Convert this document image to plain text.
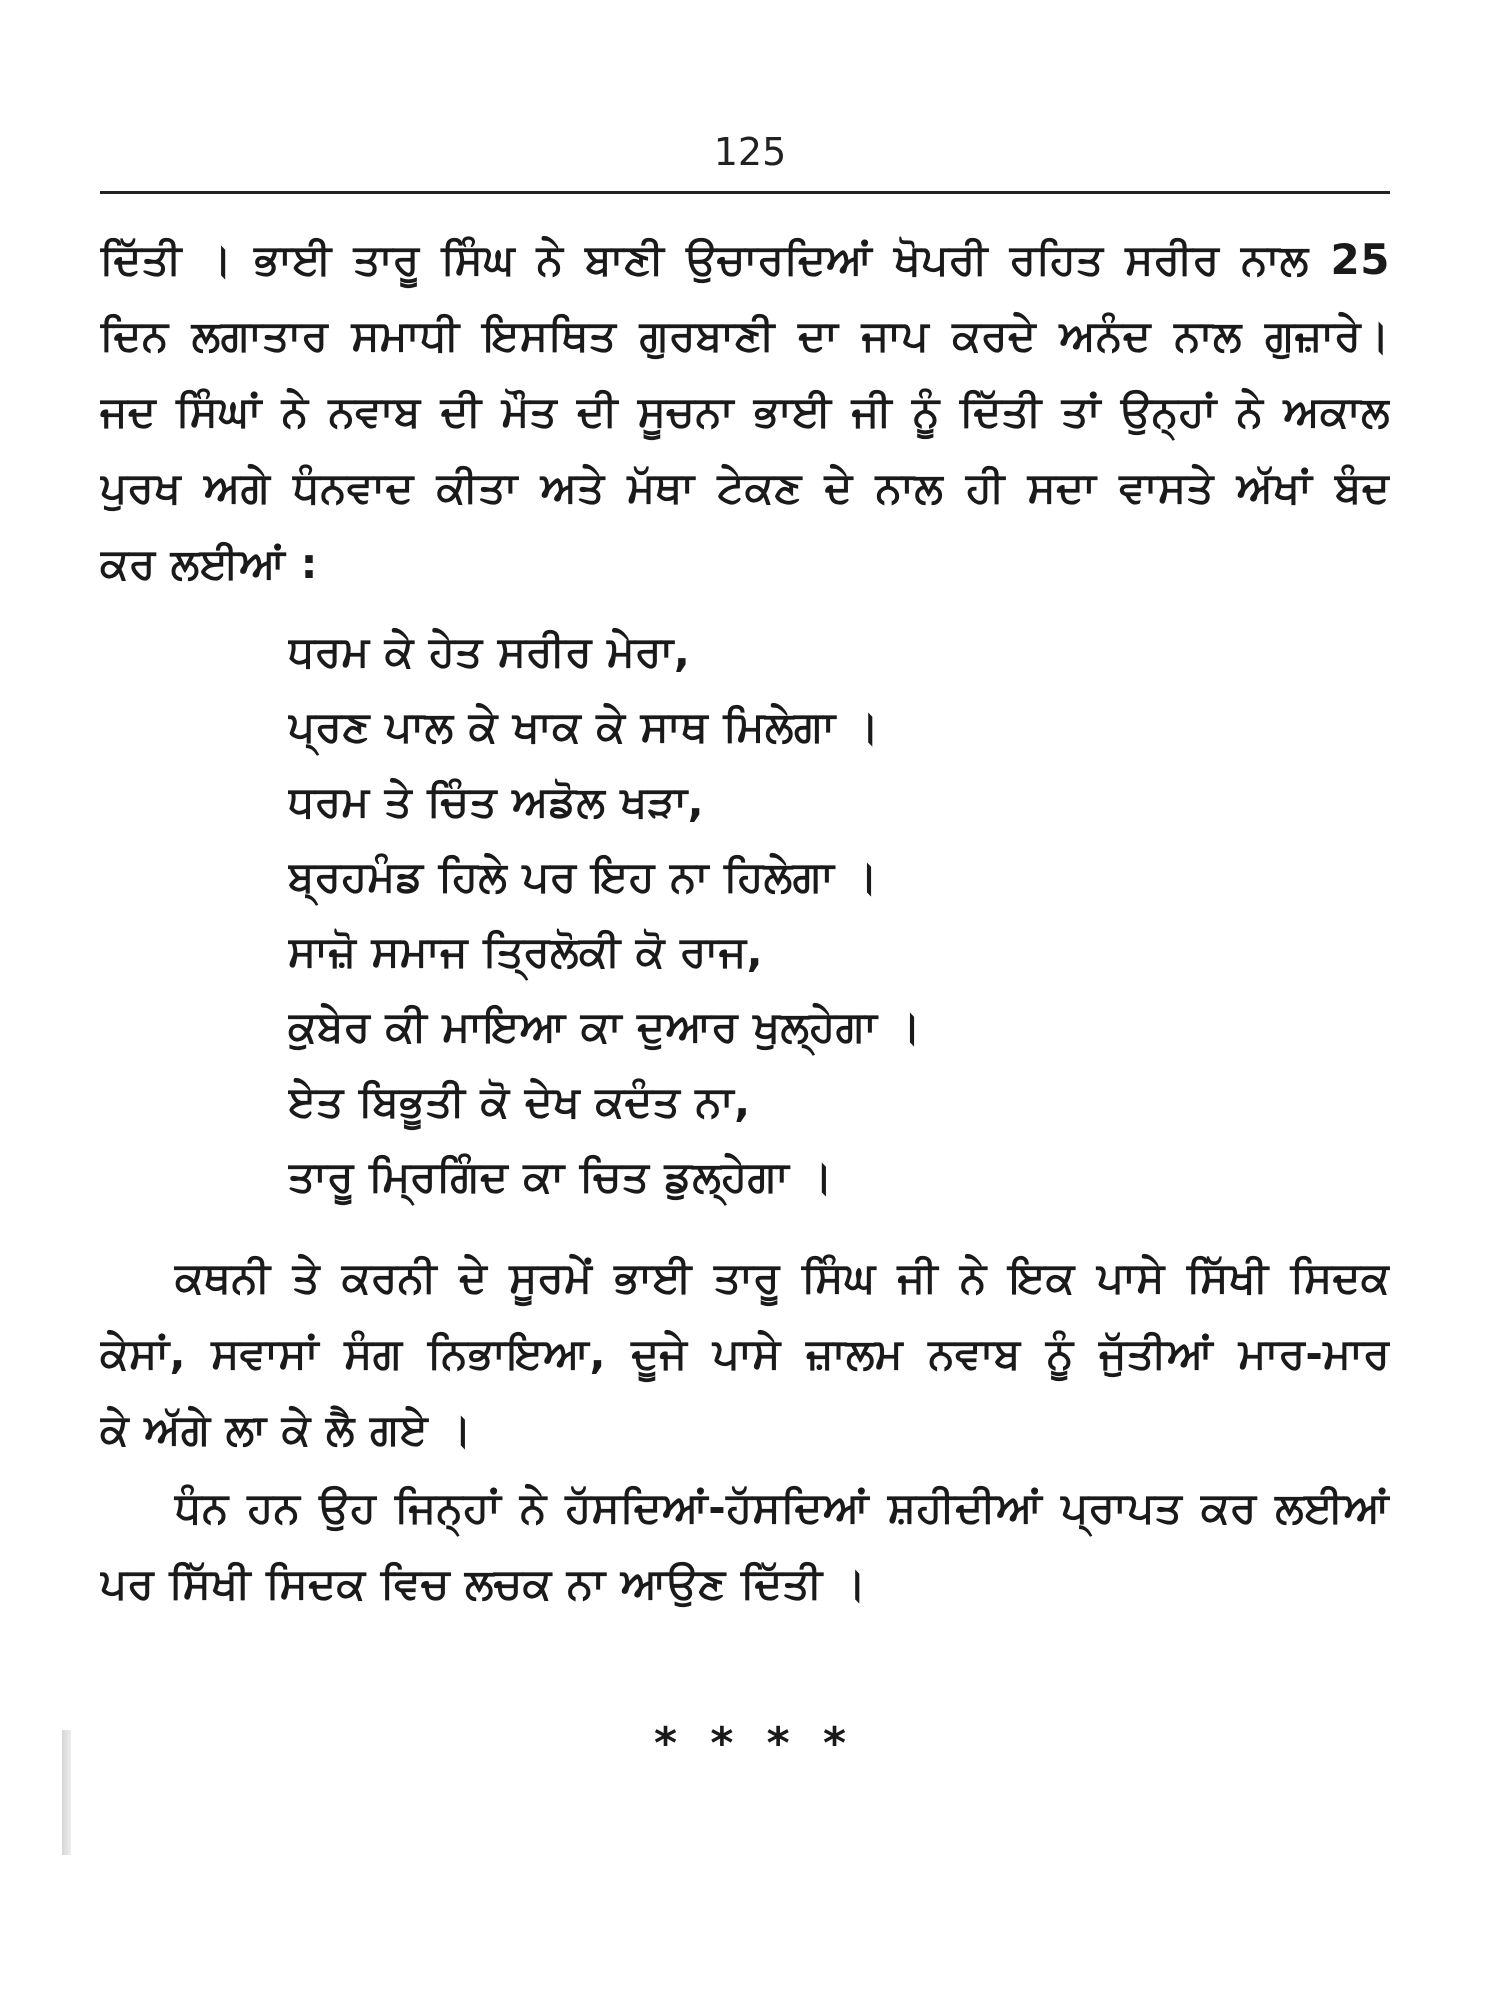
125
ਦਿੱਤੀ । ਭਾਈ ਤਾਰੂ ਸਿੰਘ ਨੇ ਬਾਣੀ ਉਚਾਰਦਿਆਂ ਖੋਪਰੀ ਰਹਿਤ ਸਰੀਰ ਨਾਲ 25
ਦਿਨ ਲਗਾਤਾਰ ਸਮਾਧੀ ਇਸਥਿਤ ਗੁਰਬਾਣੀ ਦਾ ਜਾਪ ਕਰਦੇ ਅਨੰਦ ਨਾਲ ਗੁਜ਼ਾਰੇ।
ਜਦ ਸਿੰਘਾਂ ਨੇ ਨਵਾਬ ਦੀ ਮੌਤ ਦੀ ਸੂਚਨਾ ਭਾਈ ਜੀ ਨੂੰ ਦਿੱਤੀ ਤਾਂ ਉਨ੍ਹਾਂ ਨੇ ਅਕਾਲ
ਪੁਰਖ ਅਗੇ ਧੰਨਵਾਦ ਕੀਤਾ ਅਤੇ ਮੱਥਾ ਟੇਕਣ ਦੇ ਨਾਲ ਹੀ ਸਦਾ ਵਾਸਤੇ ਅੱਖਾਂ ਬੰਦ
ਕਰ ਲਈਆਂ :
ਧਰਮ ਕੇ ਹੇਤ ਸਰੀਰ ਮੇਰਾ,
ਪ੍ਰਣ ਪਾਲ ਕੇ ਖਾਕ ਕੇ ਸਾਥ ਮਿਲੇਗਾ ।
ਧਰਮ ਤੇ ਚਿੰਤ ਅਡੋਲ ਖੜਾ,
ਬ੍ਰਹਮੰਡ ਹਿਲੇ ਪਰ ਇਹ ਨਾ ਹਿਲੇਗਾ ।
ਸਾਜ਼ੋ ਸਮਾਜ ਤ੍ਰਿਲੋਕੀ ਕੋ ਰਾਜ,
ਕੁਬੇਰ ਕੀ ਮਾਇਆ ਕਾ ਦੁਆਰ ਖੁਲ੍ਹੇਗਾ ।
ਏਤ ਬਿਭੂਤੀ ਕੋ ਦੇਖ ਕਦੰਤ ਨਾ,
ਤਾਰੂ ਮ੍ਰਿਗਿੰਦ ਕਾ ਚਿਤ ਡੁਲ੍ਹੇਗਾ ।
ਕਥਨੀ ਤੇ ਕਰਨੀ ਦੇ ਸੂਰਮੇਂ ਭਾਈ ਤਾਰੂ ਸਿੰਘ ਜੀ ਨੇ ਇਕ ਪਾਸੇ ਸਿੱਖੀ ਸਿਦਕ
ਕੇਸਾਂ, ਸਵਾਸਾਂ ਸੰਗ ਨਿਭਾਇਆ, ਦੂਜੇ ਪਾਸੇ ਜ਼ਾਲਮ ਨਵਾਬ ਨੂੰ ਜੁੱਤੀਆਂ ਮਾਰ-ਮਾਰ
ਕੇ ਅੱਗੇ ਲਾ ਕੇ ਲੈ ਗਏ ।
ਧੰਨ ਹਨ ਉਹ ਜਿਨ੍ਹਾਂ ਨੇ ਹੱਸਦਿਆਂ-ਹੱਸਦਿਆਂ ਸ਼ਹੀਦੀਆਂ ਪ੍ਰਾਪਤ ਕਰ ਲਈਆਂ
ਪਰ ਸਿੱਖੀ ਸਿਦਕ ਵਿਚ ਲਚਕ ਨਾ ਆਉਣ ਦਿੱਤੀ ।
* * * *
